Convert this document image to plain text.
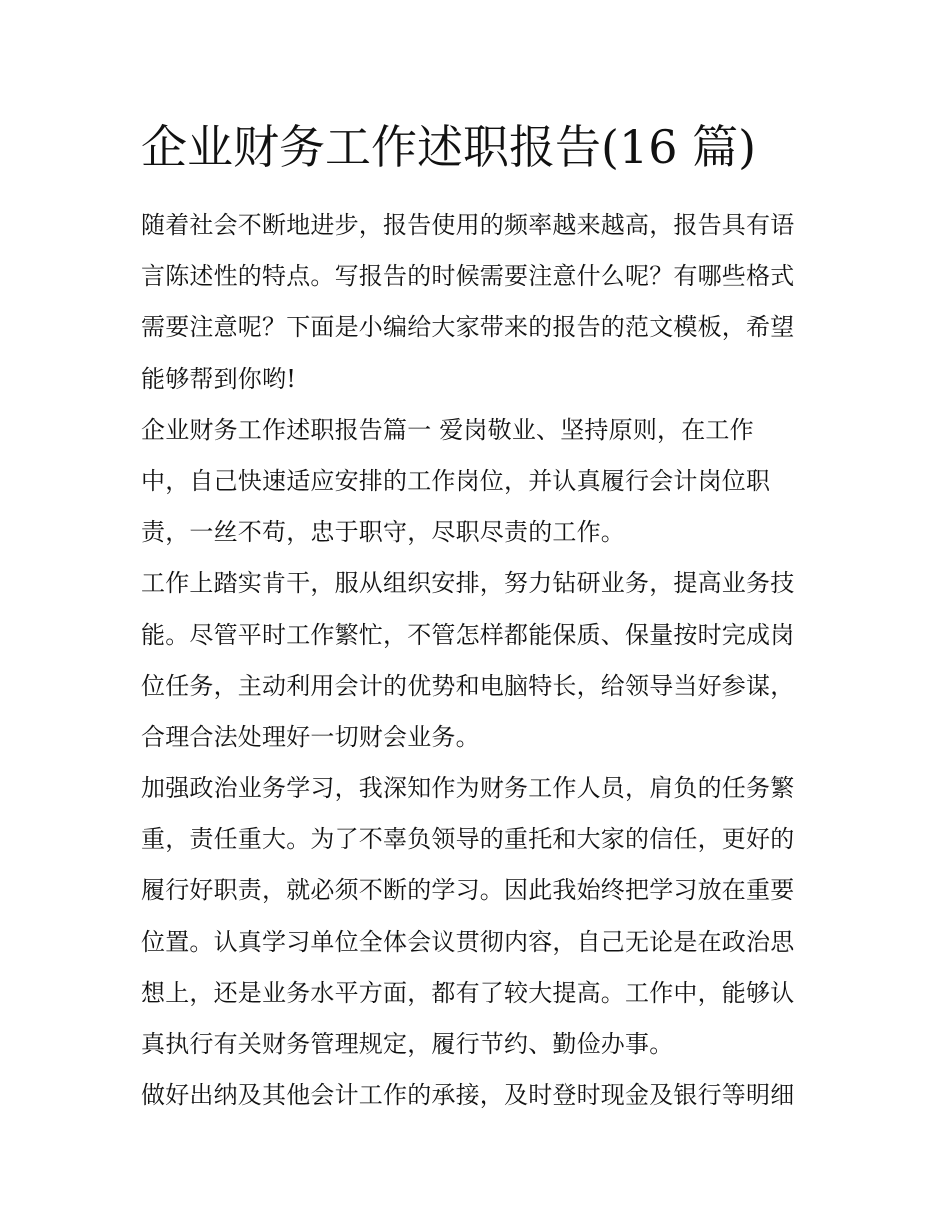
企业财务工作述职报告(16 篇)
随着社会不断地进步，报告使用的频率越来越高，报告具有语
言陈述性的特点。写报告的时候需要注意什么呢？有哪些格式
需要注意呢？下面是小编给大家带来的报告的范文模板，希望
能够帮到你哟!
企业财务工作述职报告篇一 爱岗敬业、坚持原则，在工作
中，自己快速适应安排的工作岗位，并认真履行会计岗位职
责，一丝不苟，忠于职守，尽职尽责的工作。
工作上踏实肯干，服从组织安排，努力钻研业务，提高业务技
能。尽管平时工作繁忙，不管怎样都能保质、保量按时完成岗
位任务，主动利用会计的优势和电脑特长，给领导当好参谋，
合理合法处理好一切财会业务。
加强政治业务学习，我深知作为财务工作人员，肩负的任务繁
重，责任重大。为了不辜负领导的重托和大家的信任，更好的
履行好职责，就必须不断的学习。因此我始终把学习放在重要
位置。认真学习单位全体会议贯彻内容，自己无论是在政治思
想上，还是业务水平方面，都有了较大提高。工作中，能够认
真执行有关财务管理规定，履行节约、勤俭办事。
做好出纳及其他会计工作的承接，及时登时现金及银行等明细
